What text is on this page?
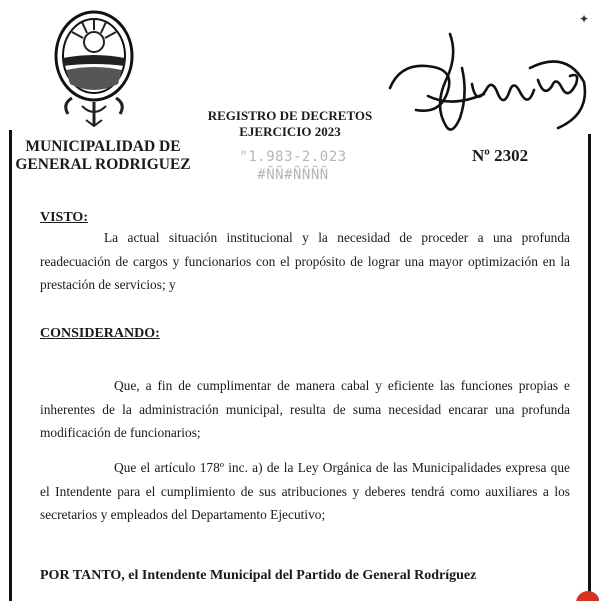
MUNICIPALIDAD DE
GENERAL RODRIGUEZ
REGISTRO DE DECRETOS
EJERCICIO 2023
"1.983-2.023
#ÑÑ#ÑÑÑÑ
Nº 2302
✦
VISTO:
La actual situación institucional y la necesidad de proceder a una profunda readecuación de cargos y funcionarios con el propósito de lograr una mayor optimización en la prestación de servicios; y
CONSIDERANDO:
Que, a fin de cumplimentar de manera cabal y eficiente las funciones propias e inherentes de la administración municipal, resulta de suma necesidad encarar una profunda modificación de funcionarios;
Que el artículo 178º inc. a) de la Ley Orgánica de las Municipalidades expresa que el Intendente para el cumplimiento de sus atribuciones y deberes tendrá como auxiliares a los secretarios y empleados del Departamento Ejecutivo;
POR TANTO, el Intendente Municipal del Partido de General Rodríguez
